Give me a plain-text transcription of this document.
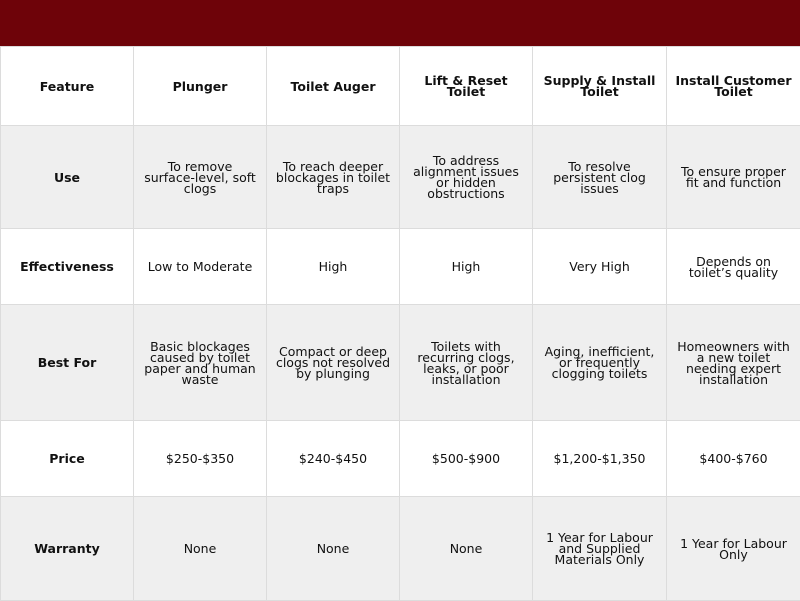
Feature	Plunger	Toilet Auger	Lift & Reset Toilet	Supply & Install Toilet	Install Customer Toilet
Use	To remove surface-level, soft clogs	To reach deeper blockages in toilet traps	To address alignment issues or hidden obstructions	To resolve persistent clog issues	To ensure proper fit and function
Effectiveness	Low to Moderate	High	High	Very High	Depends on toilet’s quality
Best For	Basic blockages caused by toilet paper and human waste	Compact or deep clogs not resolved by plunging	Toilets with recurring clogs, leaks, or poor installation	Aging, inefficient, or frequently clogging toilets	Homeowners with a new toilet needing expert installation
Price	$250-$350	$240-$450	$500-$900	$1,200-$1,350	$400-$760
Warranty	None	None	None	1 Year for Labour and Supplied Materials Only	1 Year for Labour Only
